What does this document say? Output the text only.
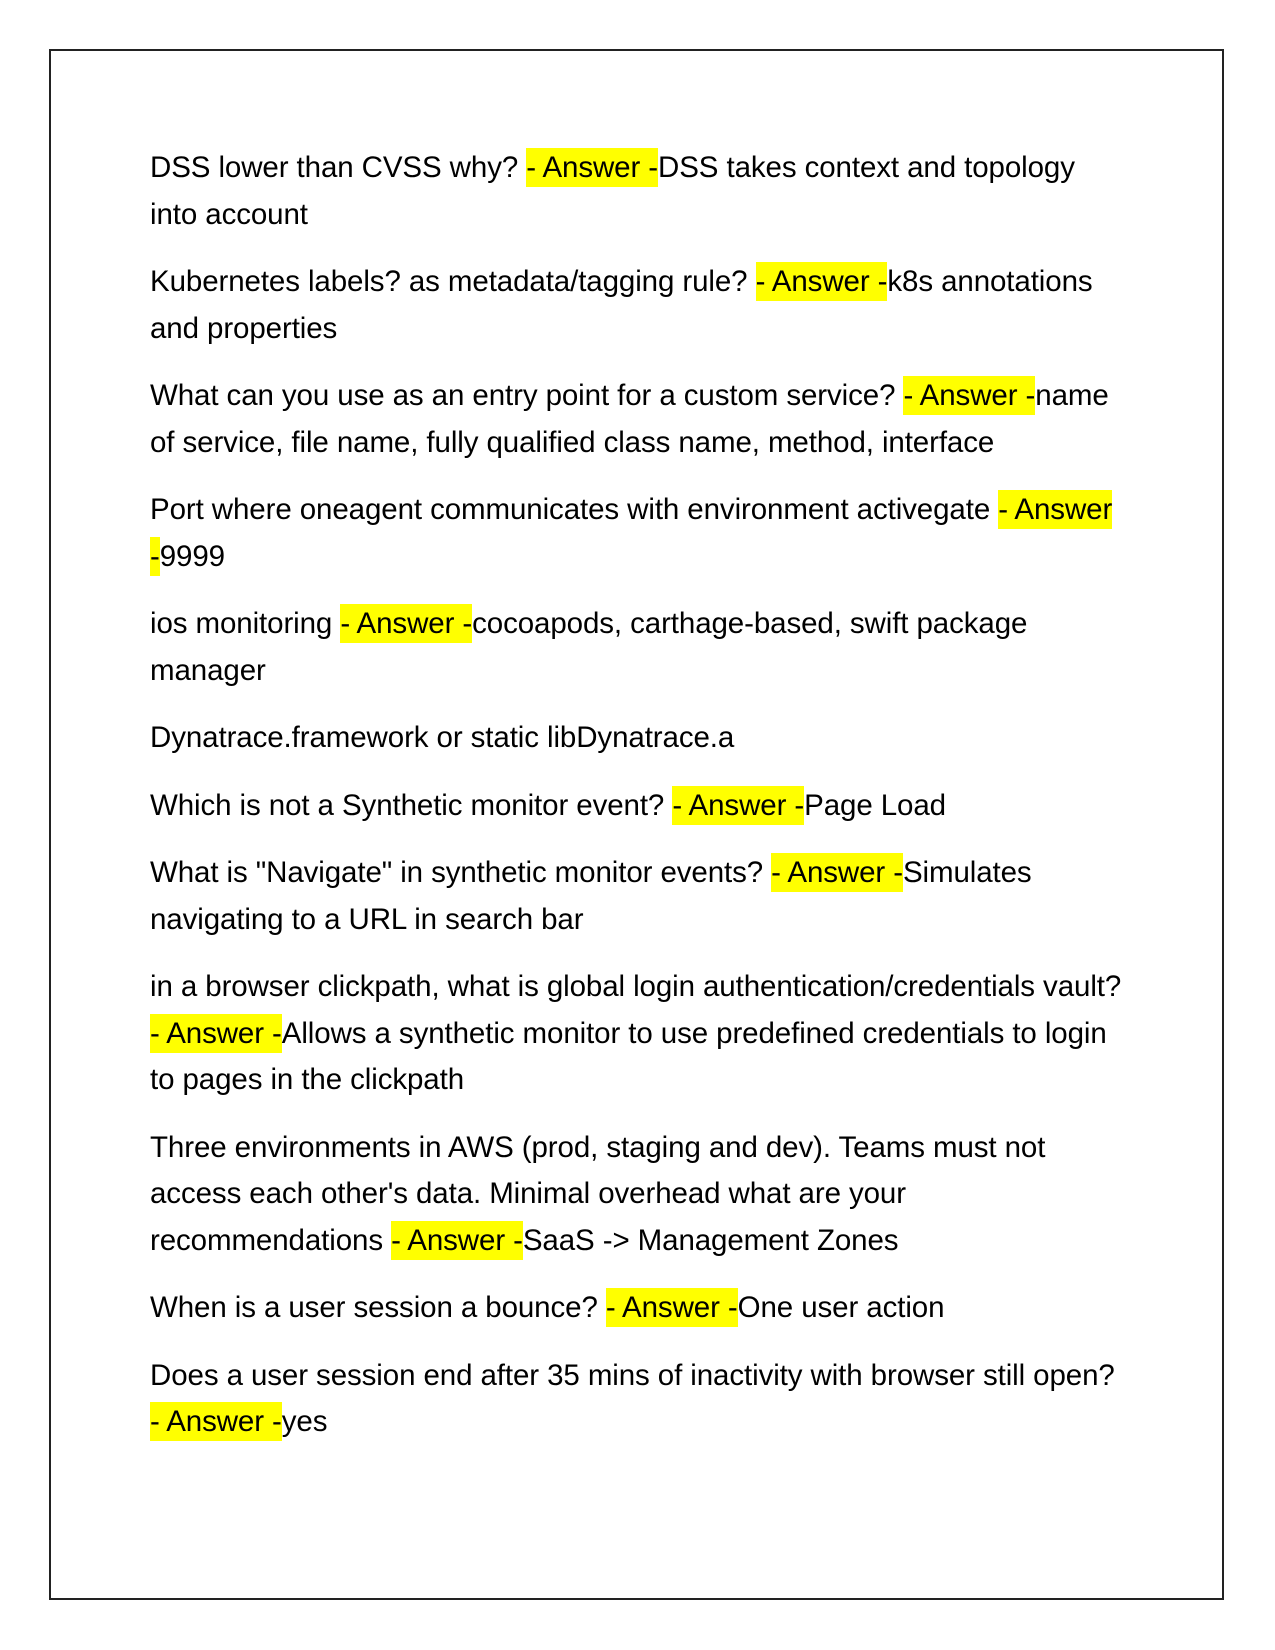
DSS lower than CVSS why? - Answer -DSS takes context and topology into account

Kubernetes labels? as metadata/tagging rule? - Answer -k8s annotations and properties

What can you use as an entry point for a custom service? - Answer -name of service, file name, fully qualified class name, method, interface

Port where oneagent communicates with environment activegate - Answer -9999

ios monitoring - Answer -cocoapods, carthage-based, swift package manager

Dynatrace.framework or static libDynatrace.a

Which is not a Synthetic monitor event? - Answer -Page Load

What is "Navigate" in synthetic monitor events? - Answer -Simulates navigating to a URL in search bar

in a browser clickpath, what is global login authentication/credentials vault? - Answer -Allows a synthetic monitor to use predefined credentials to login to pages in the clickpath

Three environments in AWS (prod, staging and dev). Teams must not access each other's data. Minimal overhead what are your recommendations - Answer -SaaS -> Management Zones

When is a user session a bounce? - Answer -One user action

Does a user session end after 35 mins of inactivity with browser still open? - Answer -yes
